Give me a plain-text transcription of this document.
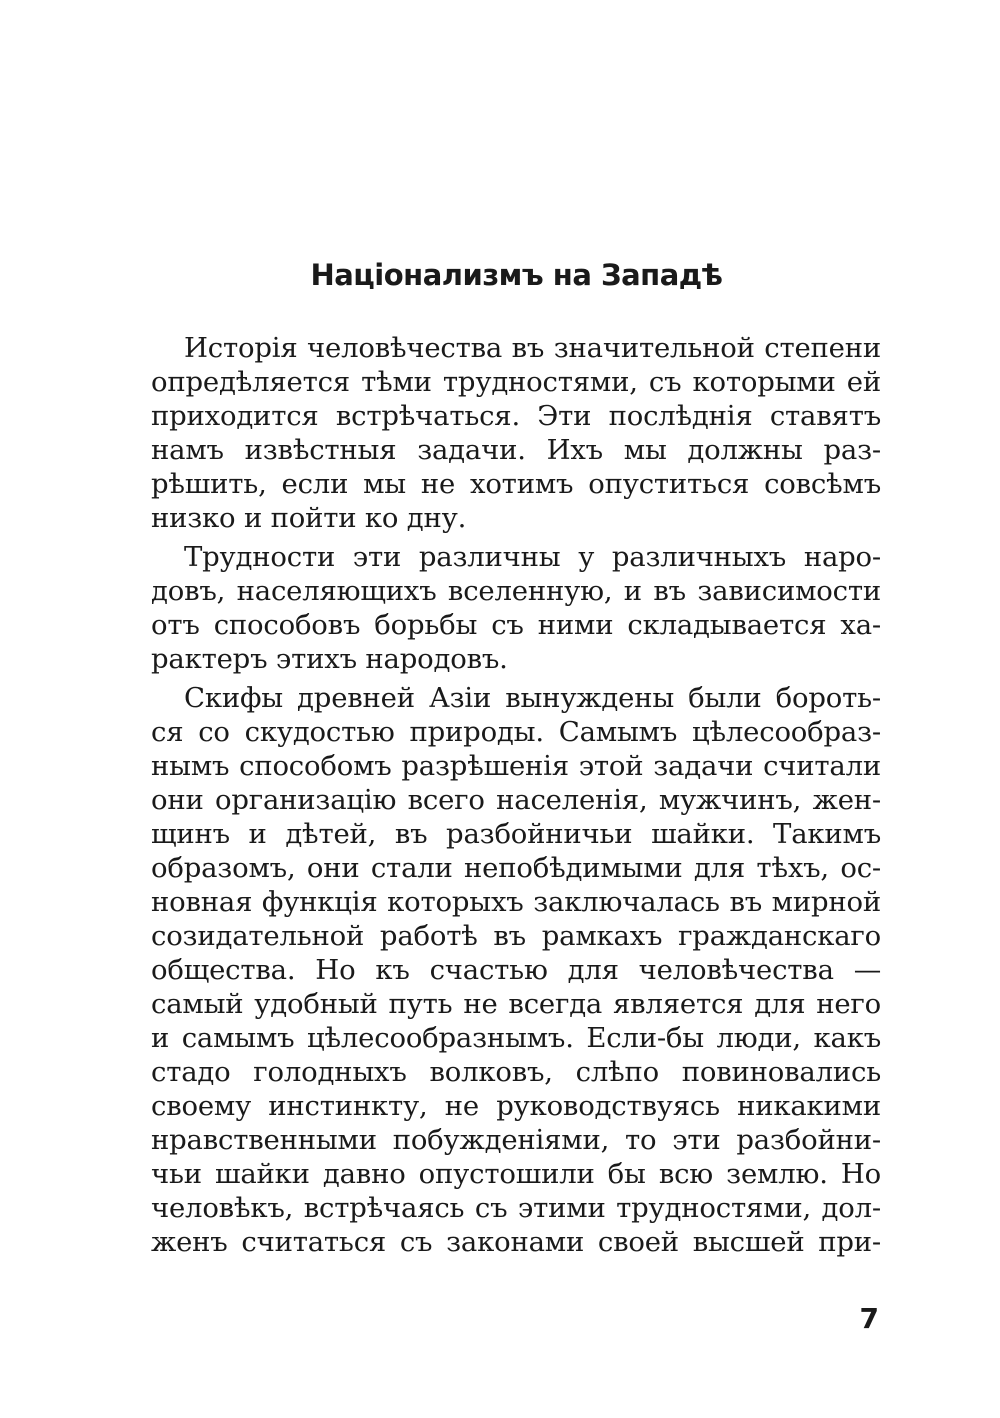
Націонализмъ на Западѣ
Исторія человѣчества въ значительной степени
опредѣляется тѣми трудностями, съ которыми ей
приходится встрѣчаться. Эти послѣднія ставятъ
намъ извѣстныя задачи. Ихъ мы должны раз-
рѣшить, если мы не хотимъ опуститься совсѣмъ
низко и пойти ко дну.
Трудности эти различны у различныхъ наро-
довъ, населяющихъ вселенную, и въ зависимости
отъ способовъ борьбы съ ними складывается ха-
рактеръ этихъ народовъ.
Скифы древней Азіи вынуждены были бороть-
ся со скудостью природы. Самымъ цѣлесообраз-
нымъ способомъ разрѣшенія этой задачи считали
они организацію всего населенія, мужчинъ, жен-
щинъ и дѣтей, въ разбойничьи шайки. Такимъ
образомъ, они стали непобѣдимыми для тѣхъ, ос-
новная функція которыхъ заключалась въ мирной
созидательной работѣ въ рамкахъ гражданскаго
общества. Но къ счастью для человѣчества —
самый удобный путь не всегда является для него
и самымъ цѣлесообразнымъ. Если-бы люди, какъ
стадо голодныхъ волковъ, слѣпо повиновались
своему инстинкту, не руководствуясь никакими
нравственными побужденіями, то эти разбойни-
чьи шайки давно опустошили бы всю землю. Но
человѣкъ, встрѣчаясь съ этими трудностями, дол-
женъ считаться съ законами своей высшей при-
7
